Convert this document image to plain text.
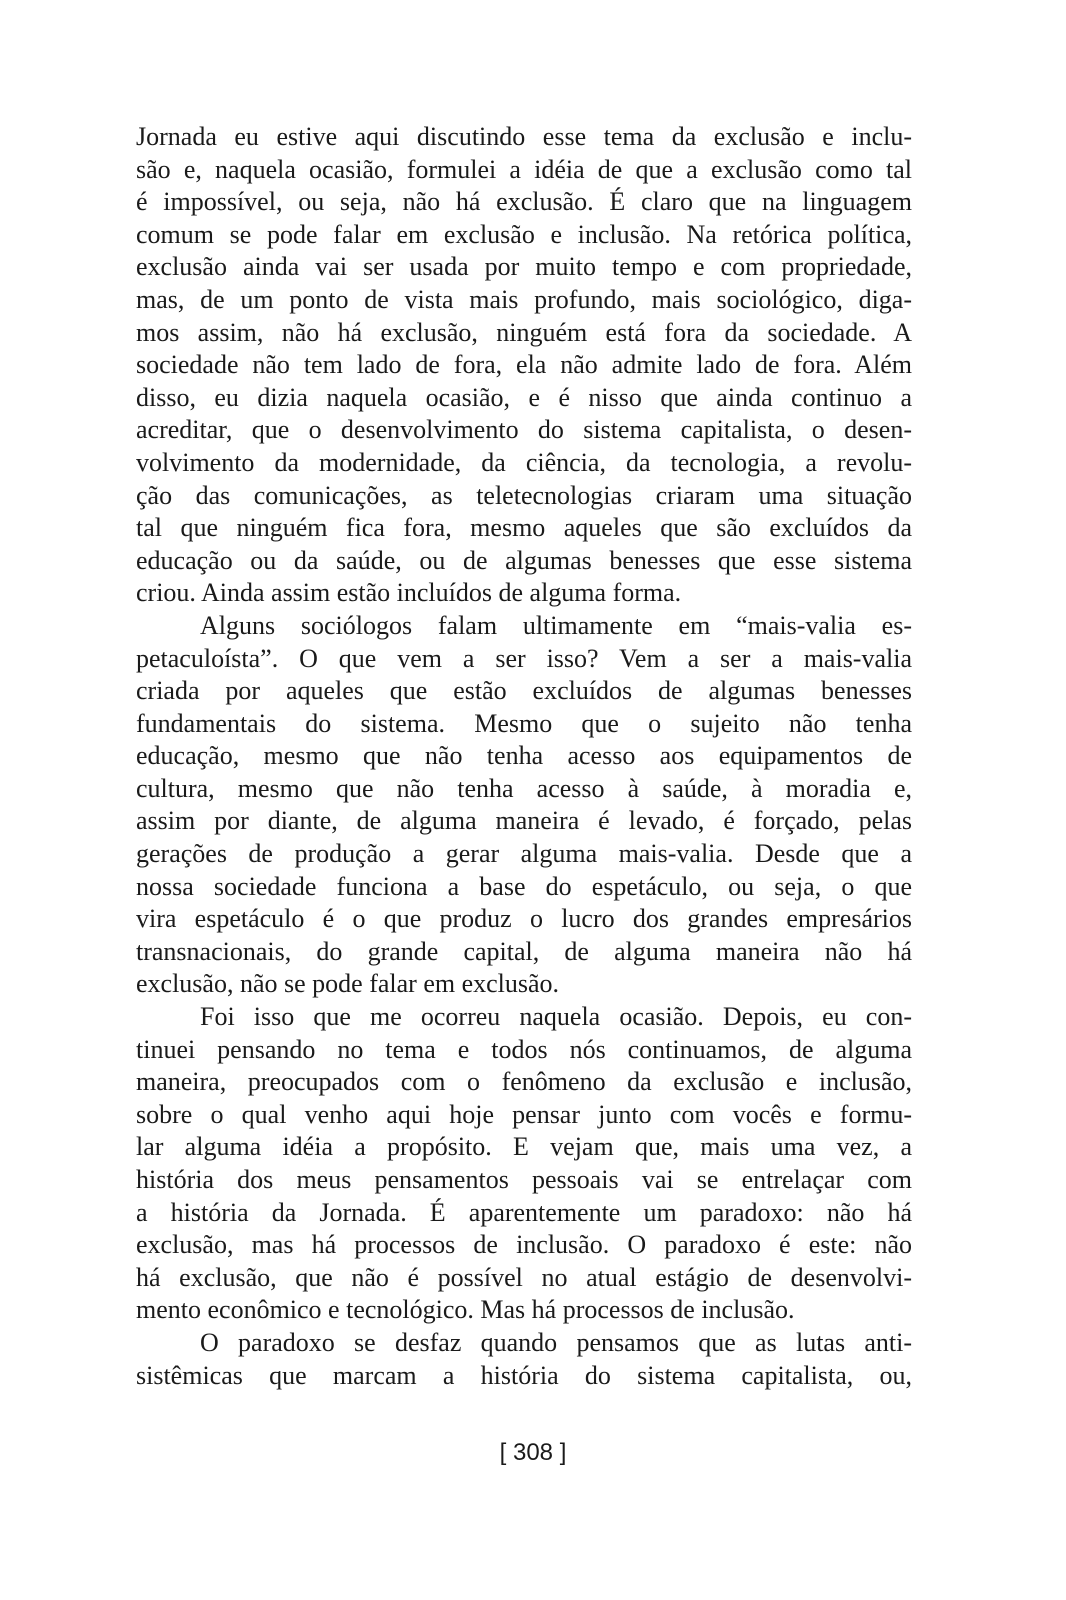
Jornada eu estive aqui discutindo esse tema da exclusão e inclu-
são e, naquela ocasião, formulei a idéia de que a exclusão como tal
é impossível, ou seja, não há exclusão. É claro que na linguagem
comum se pode falar em exclusão e inclusão. Na retórica política,
exclusão ainda vai ser usada por muito tempo e com propriedade,
mas, de um ponto de vista mais profundo, mais sociológico, diga-
mos assim, não há exclusão, ninguém está fora da sociedade. A
sociedade não tem lado de fora, ela não admite lado de fora. Além
disso, eu dizia naquela ocasião, e é nisso que ainda continuo a
acreditar, que o desenvolvimento do sistema capitalista, o desen-
volvimento da modernidade, da ciência, da tecnologia, a revolu-
ção das comunicações, as teletecnologias criaram uma situação
tal que ninguém fica fora, mesmo aqueles que são excluídos da
educação ou da saúde, ou de algumas benesses que esse sistema
criou. Ainda assim estão incluídos de alguma forma.
Alguns sociólogos falam ultimamente em “mais-valia es-
petaculoísta”. O que vem a ser isso? Vem a ser a mais-valia
criada por aqueles que estão excluídos de algumas benesses
fundamentais do sistema. Mesmo que o sujeito não tenha
educação, mesmo que não tenha acesso aos equipamentos de
cultura, mesmo que não tenha acesso à saúde, à moradia e,
assim por diante, de alguma maneira é levado, é forçado, pelas
gerações de produção a gerar alguma mais-valia. Desde que a
nossa sociedade funciona a base do espetáculo, ou seja, o que
vira espetáculo é o que produz o lucro dos grandes empresários
transnacionais, do grande capital, de alguma maneira não há
exclusão, não se pode falar em exclusão.
Foi isso que me ocorreu naquela ocasião. Depois, eu con-
tinuei pensando no tema e todos nós continuamos, de alguma
maneira, preocupados com o fenômeno da exclusão e inclusão,
sobre o qual venho aqui hoje pensar junto com vocês e formu-
lar alguma idéia a propósito. E vejam que, mais uma vez, a
história dos meus pensamentos pessoais vai se entrelaçar com
a história da Jornada. É aparentemente um paradoxo: não há
exclusão, mas há processos de inclusão. O paradoxo é este: não
há exclusão, que não é possível no atual estágio de desenvolvi-
mento econômico e tecnológico. Mas há processos de inclusão.
O paradoxo se desfaz quando pensamos que as lutas anti-
sistêmicas que marcam a história do sistema capitalista, ou,
[ 308 ]
